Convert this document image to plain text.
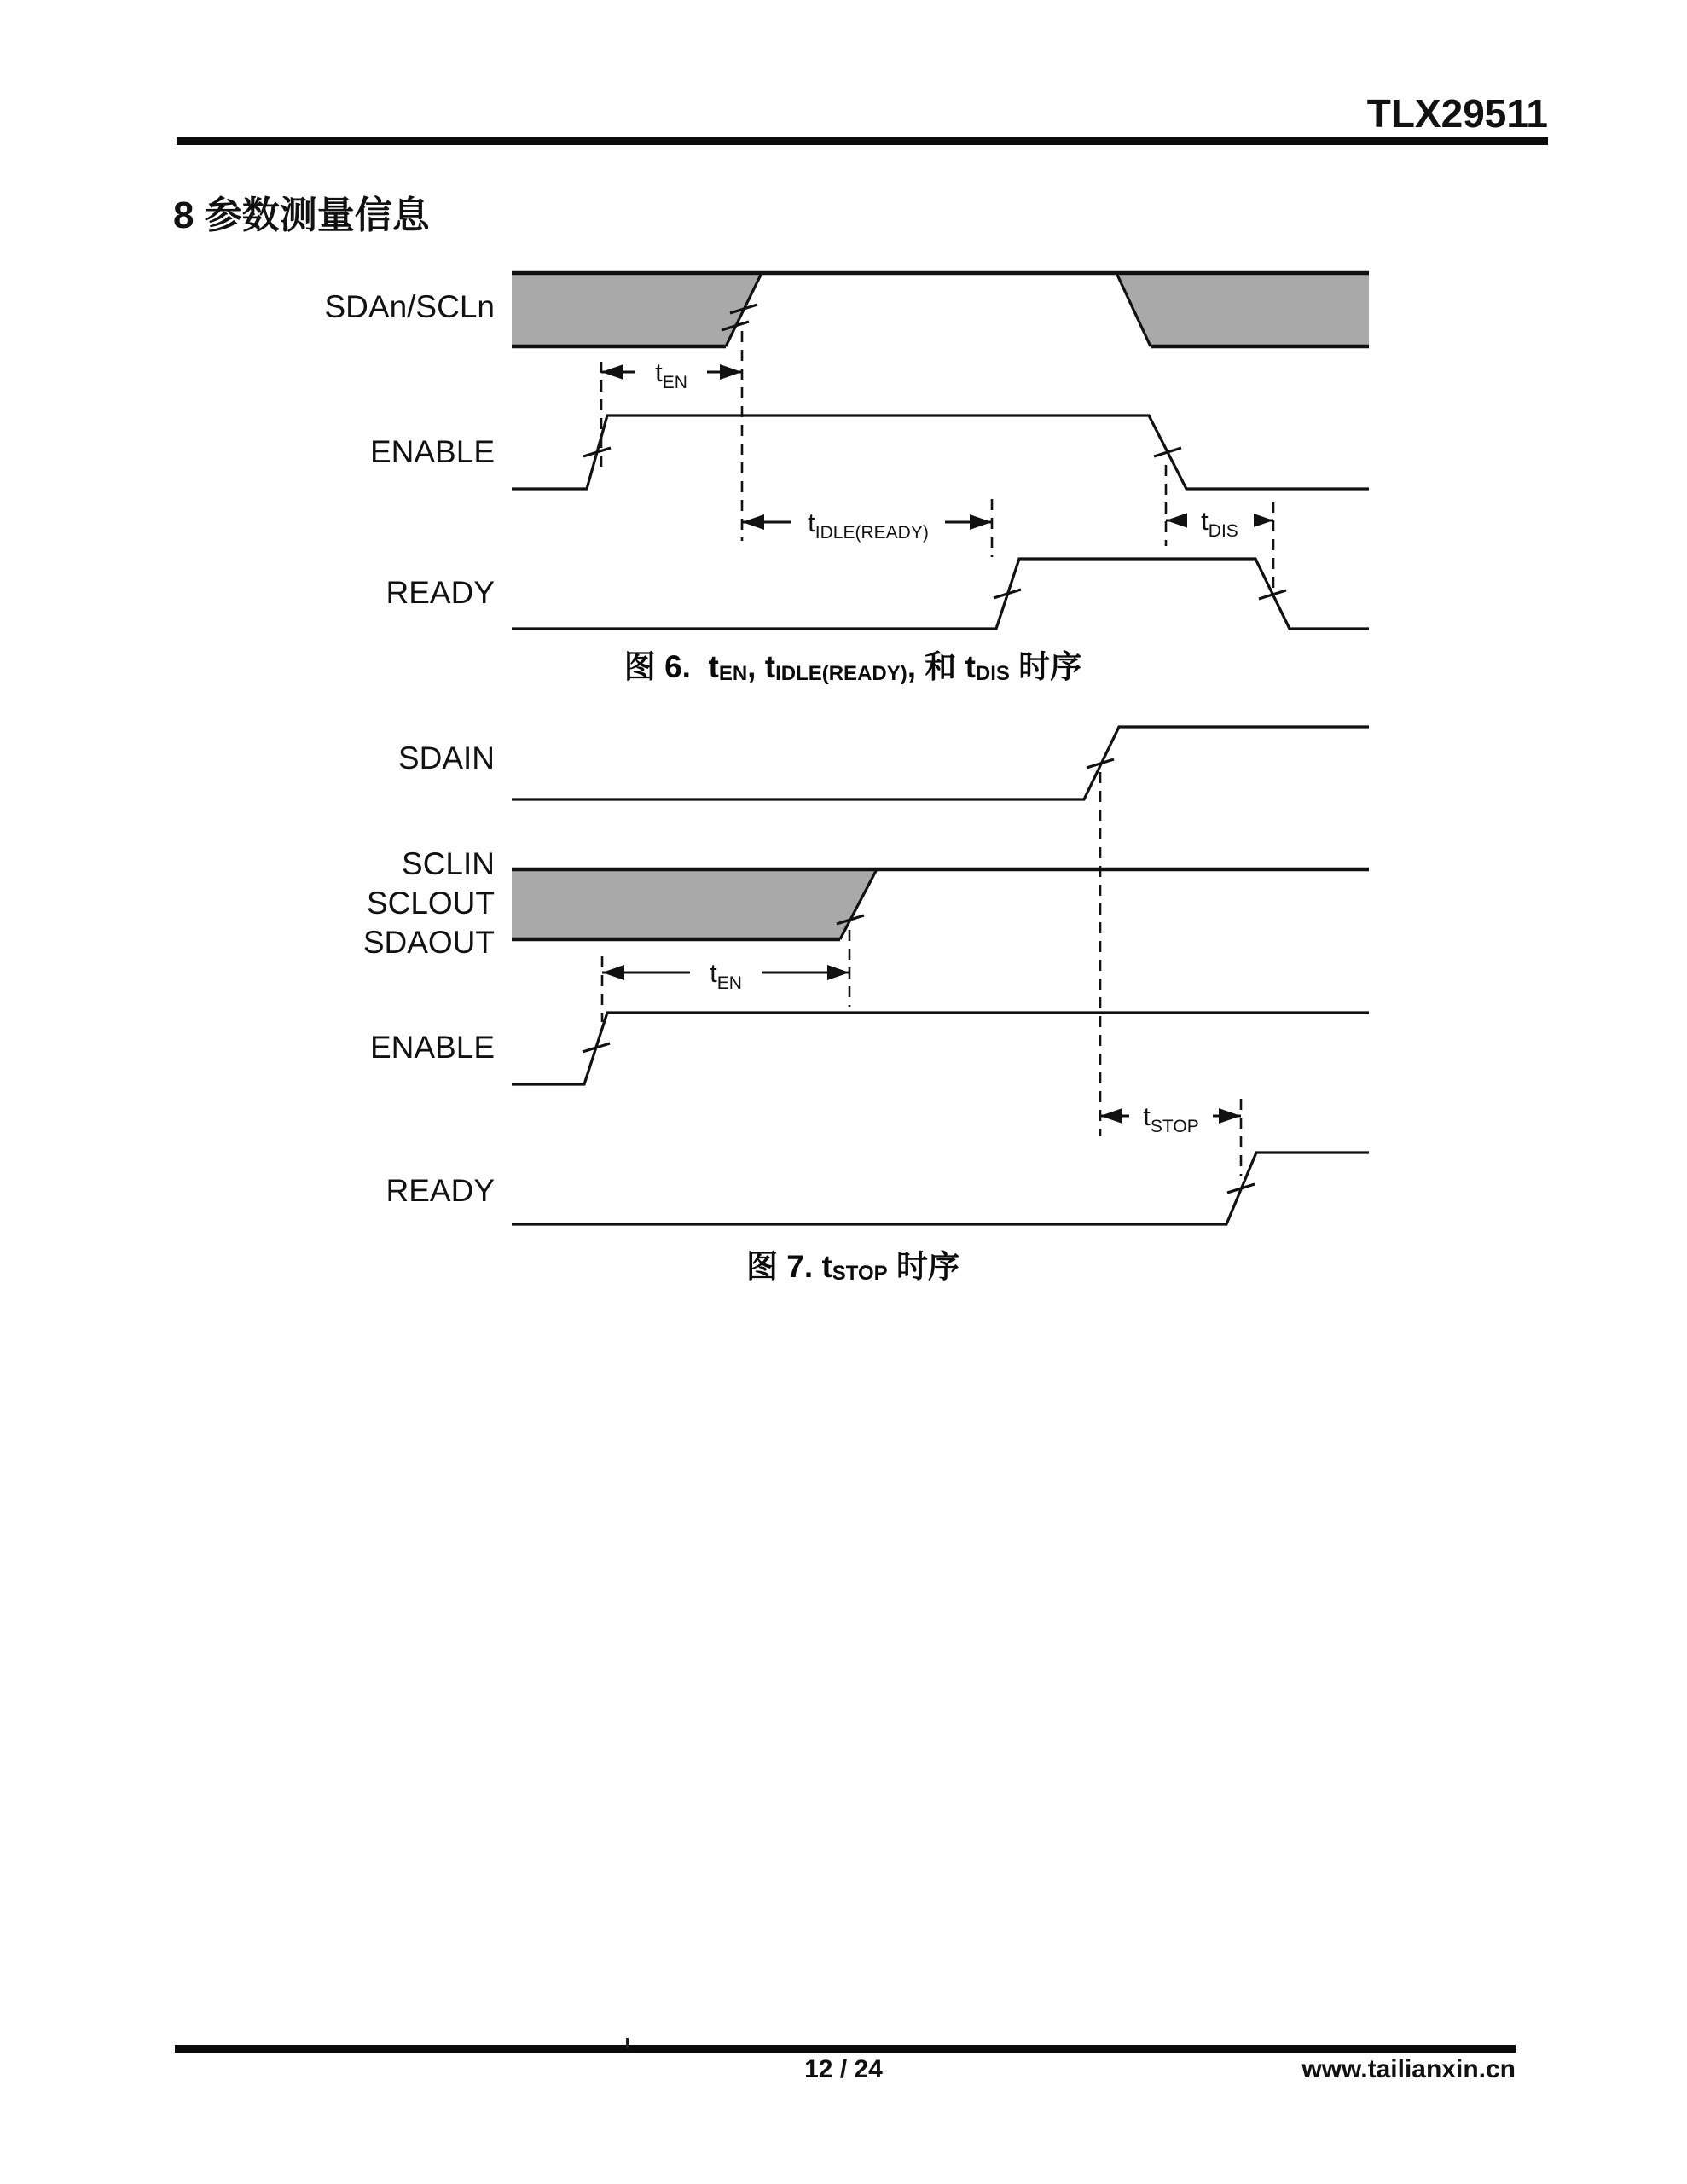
TLX29511
8 参数测量信息
$t_{EN}$
$t_{IDLE(READY)}$	$t_{DIS}$
SDAn/SCLn
ENABLE
READY
$t_{EN}$
$t_{STOP}$
SDAIN
SCLIN
SCLOUT
SDAOUT
ENABLE
READY
图 6.  tEN, tIDLE(READY), 和 tDIS 时序
图 7. tSTOP 时序
12 / 24	www.tailianxin.cn
